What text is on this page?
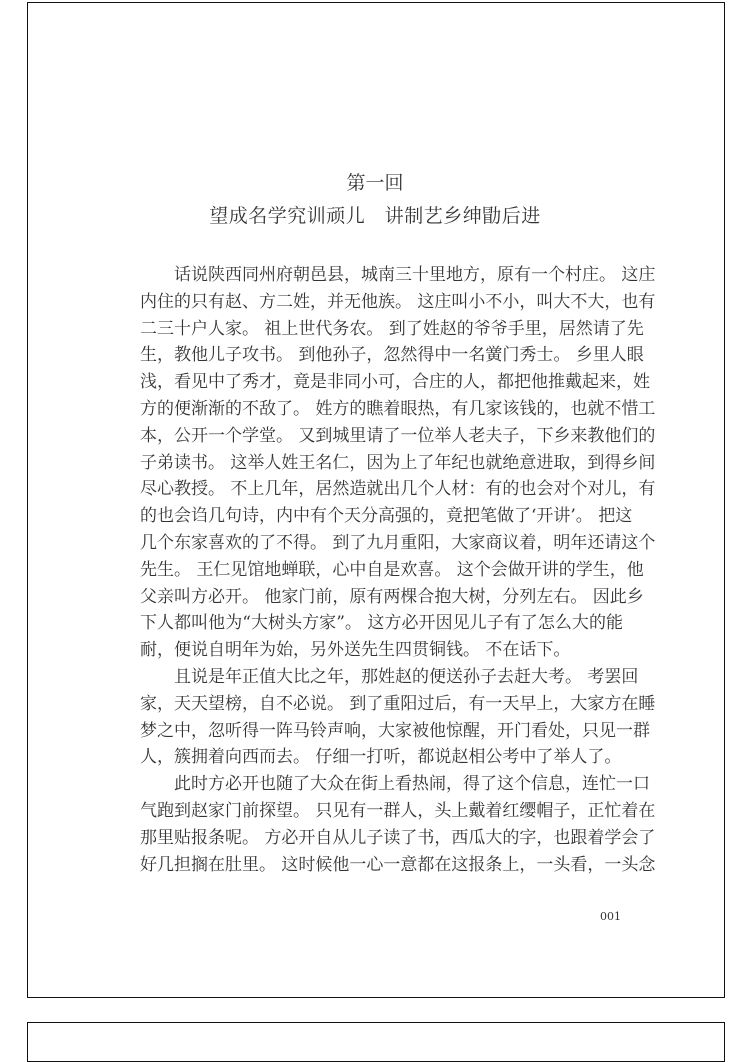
第一回
望成名学究训顽儿　讲制艺乡绅勖后进
　　话说陕西同州府朝邑县，城南三十里地方，原有一个村庄。 这庄
内住的只有赵、方二姓，并无他族。 这庄叫小不小，叫大不大，也有
二三十户人家。 祖上世代务农。 到了姓赵的爷爷手里，居然请了先
生，教他儿子攻书。 到他孙子，忽然得中一名黉门秀士。 乡里人眼
浅，看见中了秀才，竟是非同小可，合庄的人，都把他推戴起来，姓
方的便渐渐的不敌了。 姓方的瞧着眼热，有几家该钱的，也就不惜工
本，公开一个学堂。 又到城里请了一位举人老夫子，下乡来教他们的
子弟读书。 这举人姓王名仁，因为上了年纪也就绝意进取，到得乡间
尽心教授。 不上几年，居然造就出几个人材：有的也会对个对儿，有
的也会诌几句诗，内中有个天分高强的，竟把笔做了‘开讲’。 把这
几个东家喜欢的了不得。 到了九月重阳，大家商议着，明年还请这个
先生。 王仁见馆地蝉联，心中自是欢喜。 这个会做开讲的学生，他
父亲叫方必开。 他家门前，原有两棵合抱大树，分列左右。 因此乡
下人都叫他为“大树头方家”。 这方必开因见儿子有了怎么大的能
耐，便说自明年为始，另外送先生四贯铜钱。 不在话下。
　　且说是年正值大比之年，那姓赵的便送孙子去赶大考。 考罢回
家，天天望榜，自不必说。 到了重阳过后，有一天早上，大家方在睡
梦之中，忽听得一阵马铃声响，大家被他惊醒，开门看处，只见一群
人，簇拥着向西而去。 仔细一打听，都说赵相公考中了举人了。
　　此时方必开也随了大众在街上看热闹，得了这个信息，连忙一口
气跑到赵家门前探望。 只见有一群人，头上戴着红缨帽子，正忙着在
那里贴报条呢。 方必开自从儿子读了书，西瓜大的字，也跟着学会了
好几担搁在肚里。 这时候他一心一意都在这报条上，一头看，一头念
001
